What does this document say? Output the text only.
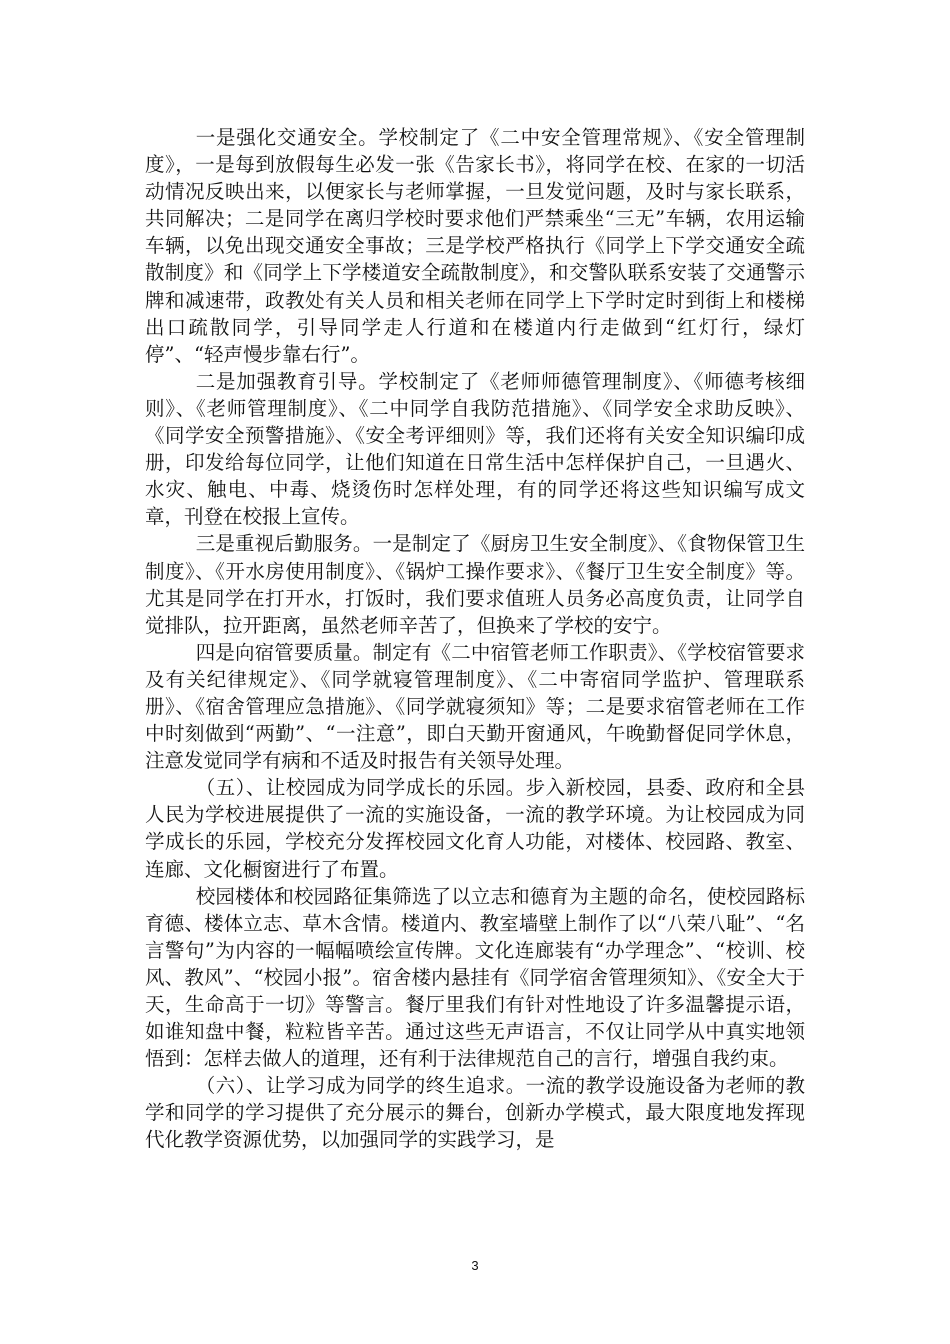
一是强化交通安全。学校制定了《二中安全管理常规》、《安全管理制度》，一是每到放假每生必发一张《告家长书》，将同学在校、在家的一切活动情况反映出来，以便家长与老师掌握，一旦发觉问题，及时与家长联系，共同解决；二是同学在离归学校时要求他们严禁乘坐“三无”车辆，农用运输车辆，以免出现交通安全事故；三是学校严格执行《同学上下学交通安全疏散制度》和《同学上下学楼道安全疏散制度》，和交警队联系安装了交通警示牌和减速带，政教处有关人员和相关老师在同学上下学时定时到街上和楼梯出口疏散同学，引导同学走人行道和在楼道内行走做到“红灯行，绿灯停”、“轻声慢步靠右行”。

二是加强教育引导。学校制定了《老师师德管理制度》、《师德考核细则》、《老师管理制度》、《二中同学自我防范措施》、《同学安全求助反映》、《同学安全预警措施》、《安全考评细则》等，我们还将有关安全知识编印成册，印发给每位同学，让他们知道在日常生活中怎样保护自己，一旦遇火、水灾、触电、中毒、烧烫伤时怎样处理，有的同学还将这些知识编写成文章，刊登在校报上宣传。

三是重视后勤服务。一是制定了《厨房卫生安全制度》、《食物保管卫生制度》、《开水房使用制度》、《锅炉工操作要求》、《餐厅卫生安全制度》等。尤其是同学在打开水，打饭时，我们要求值班人员务必高度负责，让同学自觉排队，拉开距离，虽然老师辛苦了，但换来了学校的安宁。

四是向宿管要质量。制定有《二中宿管老师工作职责》、《学校宿管要求及有关纪律规定》、《同学就寝管理制度》、《二中寄宿同学监护、管理联系册》、《宿舍管理应急措施》、《同学就寝须知》等；二是要求宿管老师在工作中时刻做到“两勤”、“一注意”，即白天勤开窗通风，午晚勤督促同学休息，注意发觉同学有病和不适及时报告有关领导处理。

（五）、让校园成为同学成长的乐园。步入新校园，县委、政府和全县人民为学校进展提供了一流的实施设备，一流的教学环境。为让校园成为同学成长的乐园，学校充分发挥校园文化育人功能，对楼体、校园路、教室、连廊、文化橱窗进行了布置。

校园楼体和校园路征集筛选了以立志和德育为主题的命名，使校园路标育德、楼体立志、草木含情。楼道内、教室墙壁上制作了以“八荣八耻”、“名言警句”为内容的一幅幅喷绘宣传牌。文化连廊装有“办学理念”、“校训、校风、教风”、“校园小报”。宿舍楼内悬挂有《同学宿舍管理须知》、《安全大于天，生命高于一切》等警言。餐厅里我们有针对性地设了许多温馨提示语，如谁知盘中餐，粒粒皆辛苦。通过这些无声语言，不仅让同学从中真实地领悟到：怎样去做人的道理，还有利于法律规范自己的言行，增强自我约束。

（六）、让学习成为同学的终生追求。一流的教学设施设备为老师的教学和同学的学习提供了充分展示的舞台，创新办学模式，最大限度地发挥现代化教学资源优势，以加强同学的实践学习，是

3
